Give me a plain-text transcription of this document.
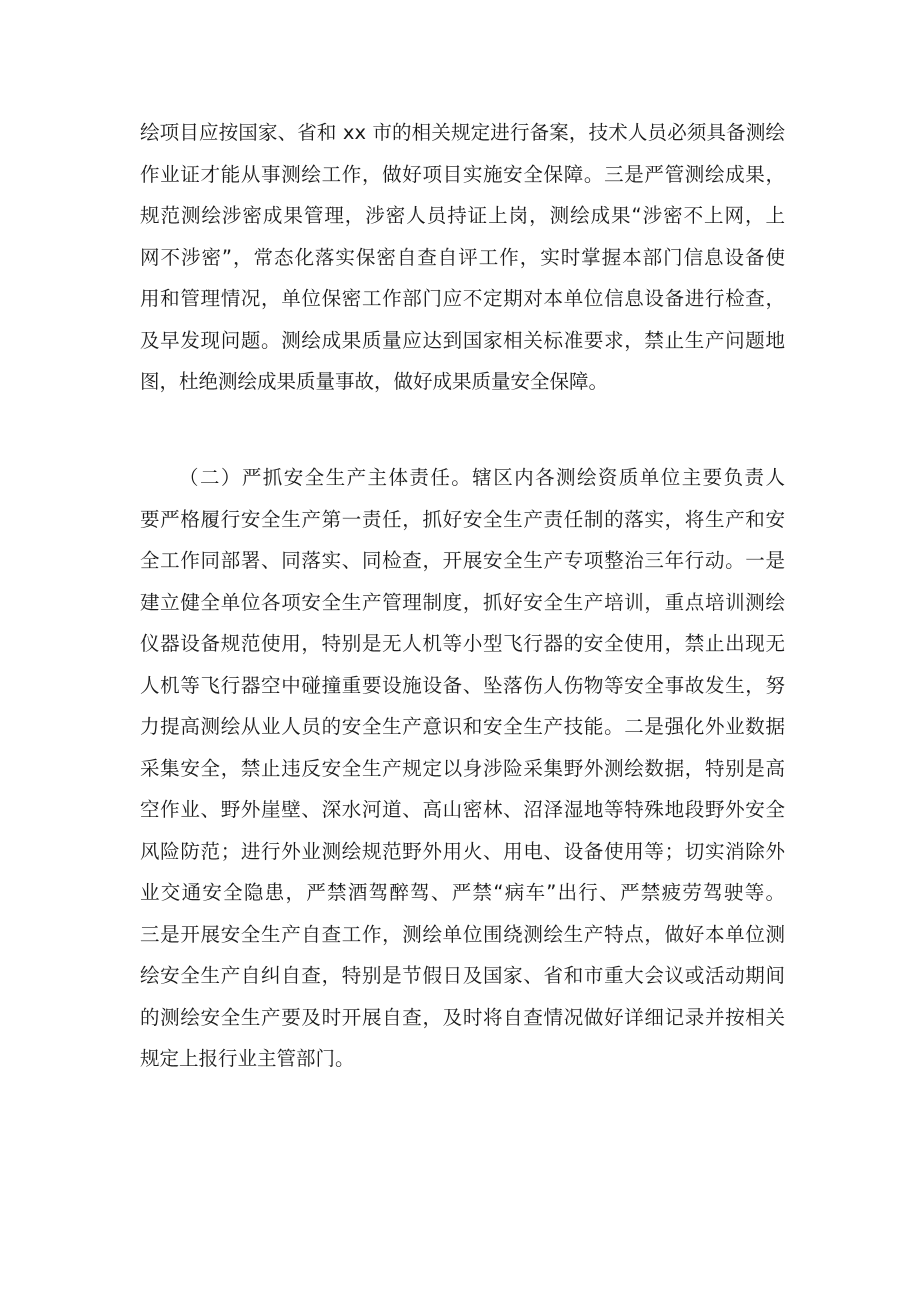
绘项目应按国家、省和 xx 市的相关规定进行备案，技术人员必须具备测绘
作业证才能从事测绘工作，做好项目实施安全保障。三是严管测绘成果，
规范测绘涉密成果管理，涉密人员持证上岗，测绘成果“涉密不上网，上
网不涉密”，常态化落实保密自查自评工作，实时掌握本部门信息设备使
用和管理情况，单位保密工作部门应不定期对本单位信息设备进行检查，
及早发现问题。测绘成果质量应达到国家相关标准要求，禁止生产问题地
图，杜绝测绘成果质量事故，做好成果质量安全保障。
（二）严抓安全生产主体责任。辖区内各测绘资质单位主要负责人
要严格履行安全生产第一责任，抓好安全生产责任制的落实，将生产和安
全工作同部署、同落实、同检查，开展安全生产专项整治三年行动。一是
建立健全单位各项安全生产管理制度，抓好安全生产培训，重点培训测绘
仪器设备规范使用，特别是无人机等小型飞行器的安全使用，禁止出现无
人机等飞行器空中碰撞重要设施设备、坠落伤人伤物等安全事故发生，努
力提高测绘从业人员的安全生产意识和安全生产技能。二是强化外业数据
采集安全，禁止违反安全生产规定以身涉险采集野外测绘数据，特别是高
空作业、野外崖壁、深水河道、高山密林、沼泽湿地等特殊地段野外安全
风险防范；进行外业测绘规范野外用火、用电、设备使用等；切实消除外
业交通安全隐患，严禁酒驾醉驾、严禁“病车”出行、严禁疲劳驾驶等。
三是开展安全生产自查工作，测绘单位围绕测绘生产特点，做好本单位测
绘安全生产自纠自查，特别是节假日及国家、省和市重大会议或活动期间
的测绘安全生产要及时开展自查，及时将自查情况做好详细记录并按相关
规定上报行业主管部门。
